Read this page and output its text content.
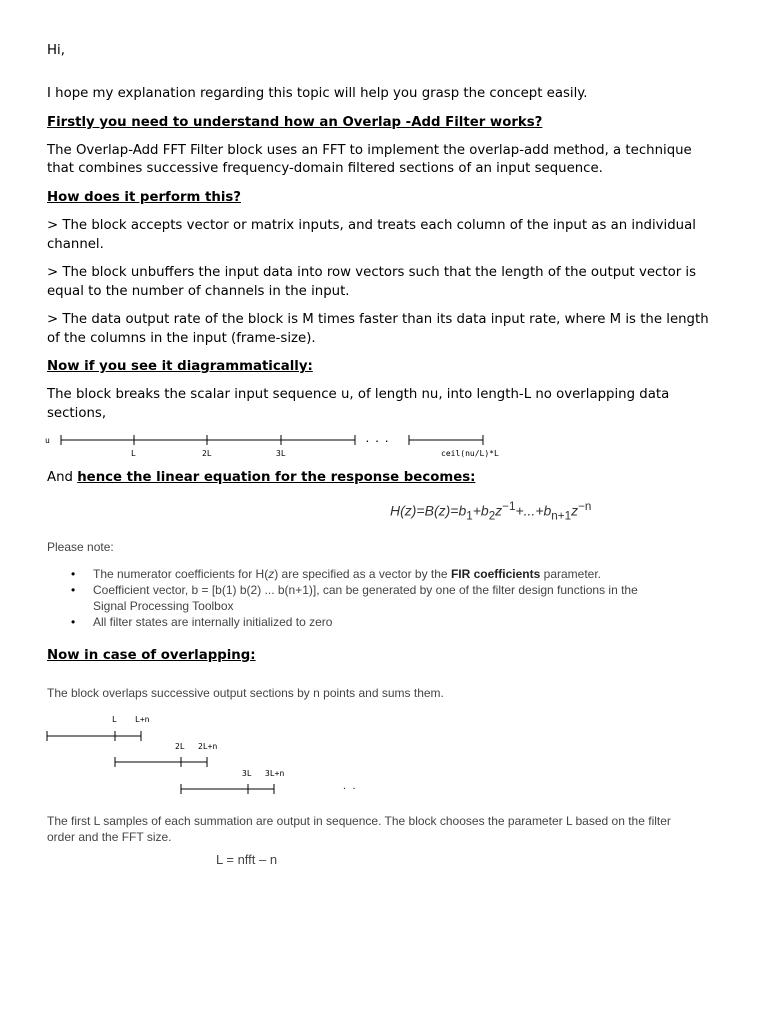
Hi,
I hope my explanation regarding this topic will help you grasp the concept easily.
Firstly you need to understand how an Overlap -Add Filter works?
The Overlap-Add FFT Filter block uses an FFT to implement the overlap-add method, a technique
that combines successive frequency-domain filtered sections of an input sequence.
How does it perform this?
> The block accepts vector or matrix inputs, and treats each column of the input as an individual
channel.
> The block unbuffers the input data into row vectors such that the length of the output vector is
equal to the number of channels in the input.
> The data output rate of the block is M times faster than its data input rate, where M is the length
of the columns in the input (frame-size).
Now if you see it diagrammatically:
The block breaks the scalar input sequence u, of length nu, into length-L no overlapping data
sections,
u
L	2L	3L
. . .
ceil(nu/L)*L
And hence the linear equation for the response becomes:
$H(z)=B(z)=b_1+b_2z^{-1}+...+b_{n+1}z^{-n}$
Please note:
• The numerator coefficients for H(z) are specified as a vector by the FIR coefficients parameter.
• Coefficient vector, b = [b(1) b(2) ... b(n+1)], can be generated by one of the filter design functions in the
Signal Processing Toolbox
• All filter states are internally initialized to zero
Now in case of overlapping:
The block overlaps successive output sections by n points and sums them.
L L+n
2L 2L+n
3L 3L+n
. .
The first L samples of each summation are output in sequence. The block chooses the parameter L based on the filter
order and the FFT size.
L = nfft – n
